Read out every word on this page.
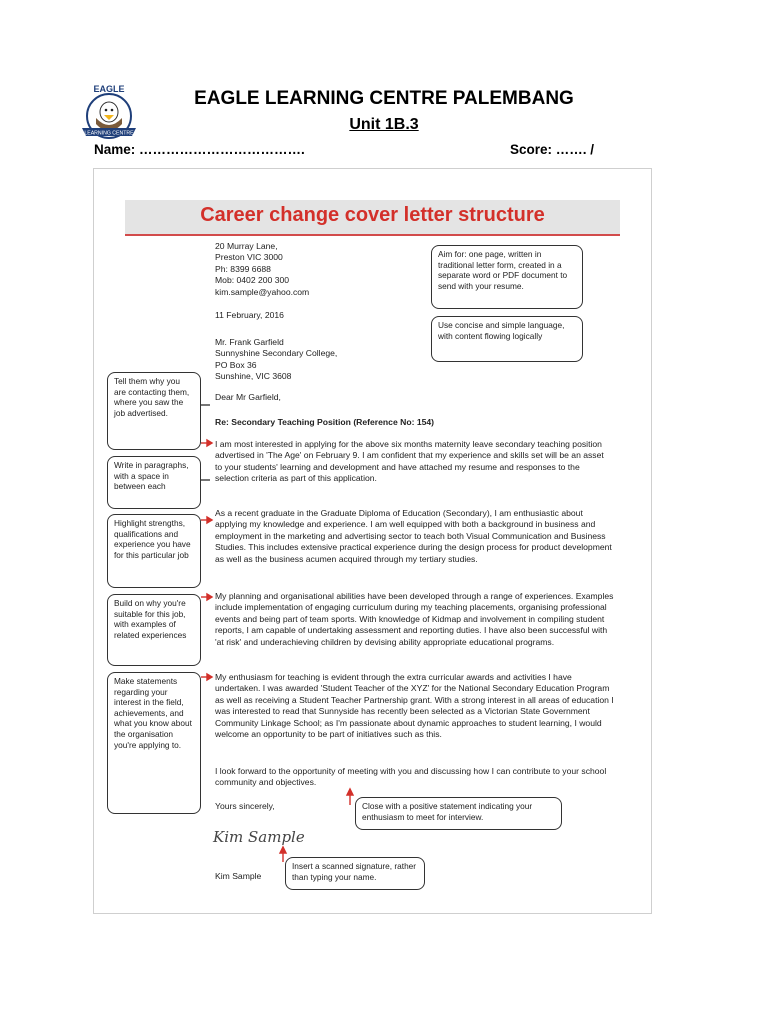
EAGLE
LEARNING CENTRE
EAGLE LEARNING CENTRE PALEMBANG
Unit 1B.3
Name: ……………………………….	Score: ……. /
Career change cover letter structure
20 Murray Lane,
Preston VIC 3000
Ph: 8399 6688
Mob: 0402 200 300
kim.sample@yahoo.com
11 February, 2016
Mr. Frank Garfield
Sunnyshine Secondary College,
PO Box 36
Sunshine, VIC 3608
Dear Mr Garfield,
Re: Secondary Teaching Position (Reference No: 154)
I am most interested in applying for the above six months maternity leave secondary teaching position advertised in 'The Age' on February 9. I am confident that my experience and skills set will be an asset to your students' learning and development and have attached my resume and responses to the selection criteria as part of this application.
As a recent graduate in the Graduate Diploma of Education (Secondary), I am enthusiastic about applying my knowledge and experience. I am well equipped with both a background in business and employment in the marketing and advertising sector to teach both Visual Communication and Business Studies. This includes extensive practical experience during the design process for product development as well as the business acumen acquired through my tertiary studies.
My planning and organisational abilities have been developed through a range of experiences. Examples include implementation of engaging curriculum during my teaching placements, organising professional events and being part of team sports. With knowledge of Kidmap and involvement in compiling student reports, I am capable of undertaking assessment and reporting duties. I have also been successful with 'at risk' and underachieving children by devising ability appropriate educational programs.
My enthusiasm for teaching is evident through the extra curricular awards and activities I have undertaken. I was awarded 'Student Teacher of the XYZ' for the National Secondary Education Program as well as receiving a Student Teacher Partnership grant. With a strong interest in all areas of education I was interested to read that Sunnyside has recently been selected as a Victorian State Government Community Linkage School; as I'm passionate about dynamic approaches to student learning, I would welcome an opportunity to be part of initiatives such as this.
I look forward to the opportunity of meeting with you and discussing how I can contribute to your school community and objectives.
Yours sincerely,
Kim Sample
Kim Sample
Aim for: one page, written in traditional letter form, created in a separate word or PDF document to send with your resume.
Use concise and simple language, with content flowing logically
Close with a positive statement indicating your enthusiasm to meet for interview.
Insert a scanned signature, rather than typing your name.
Tell them why you are contacting them, where you saw the job advertised.
Write in paragraphs, with a space in between each
Highlight strengths, qualifications and experience you have for this particular job
Build on why you're suitable for this job, with examples of related experiences
Make statements regarding your interest in the field, achievements, and what you know about the organisation you're applying to.
